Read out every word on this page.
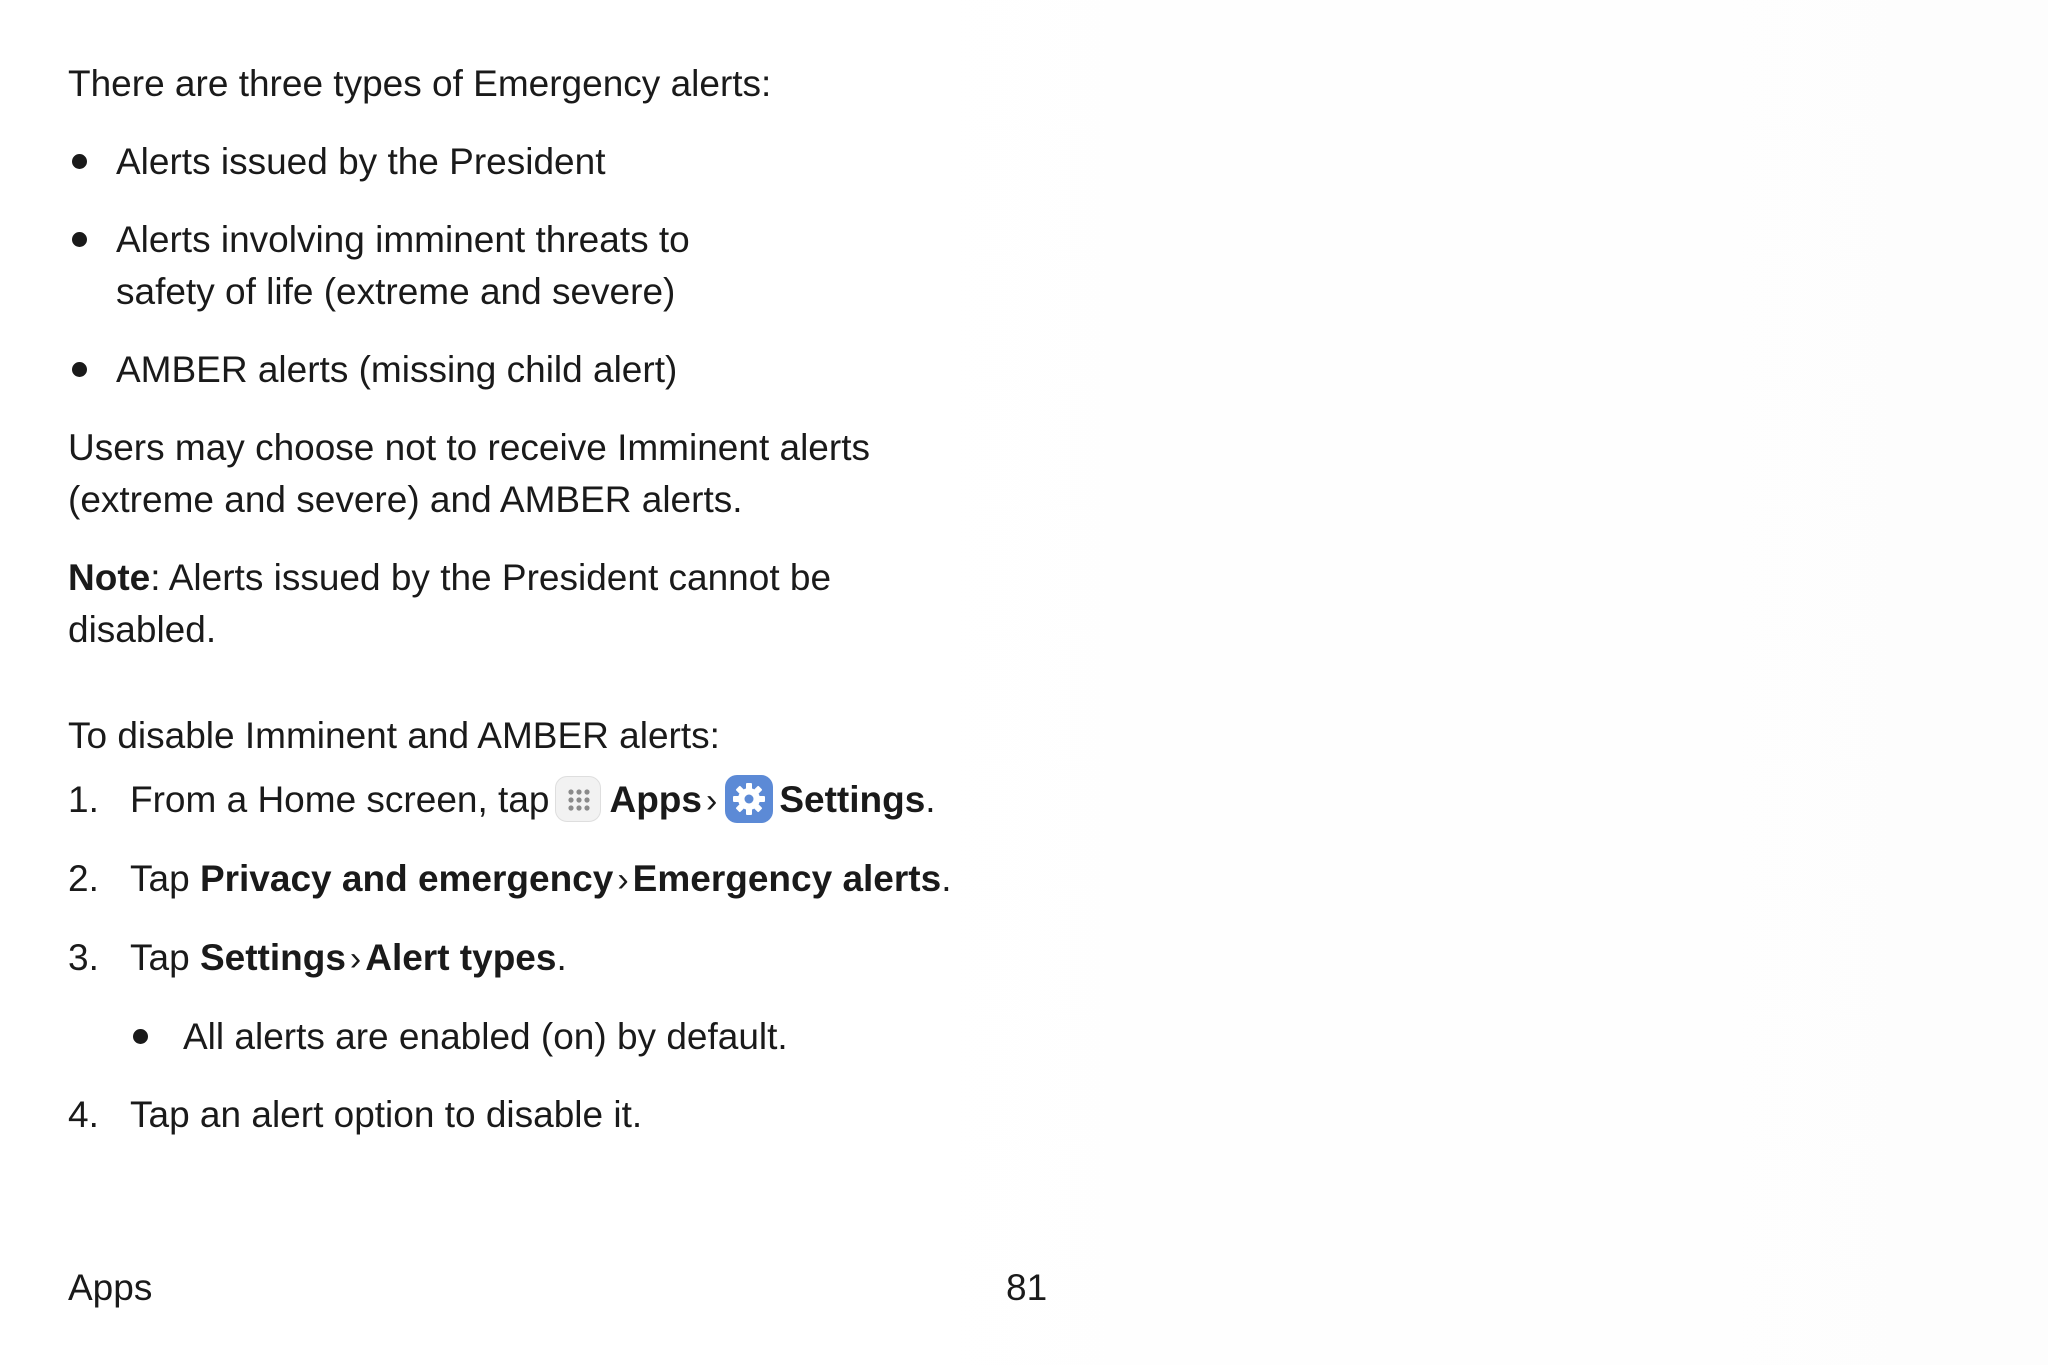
There are three types of Emergency alerts:

Alerts issued by the President
Alerts involving imminent threats to safety of life (extreme and severe)
AMBER alerts (missing child alert)

Users may choose not to receive Imminent alerts (extreme and severe) and AMBER alerts.

Note: Alerts issued by the President cannot be disabled.

To disable Imminent and AMBER alerts:

1. From a Home screen, tap Apps › Settings.
2. Tap Privacy and emergency › Emergency alerts.
3. Tap Settings › Alert types.
All alerts are enabled (on) by default.
4. Tap an alert option to disable it.
Apps	81
